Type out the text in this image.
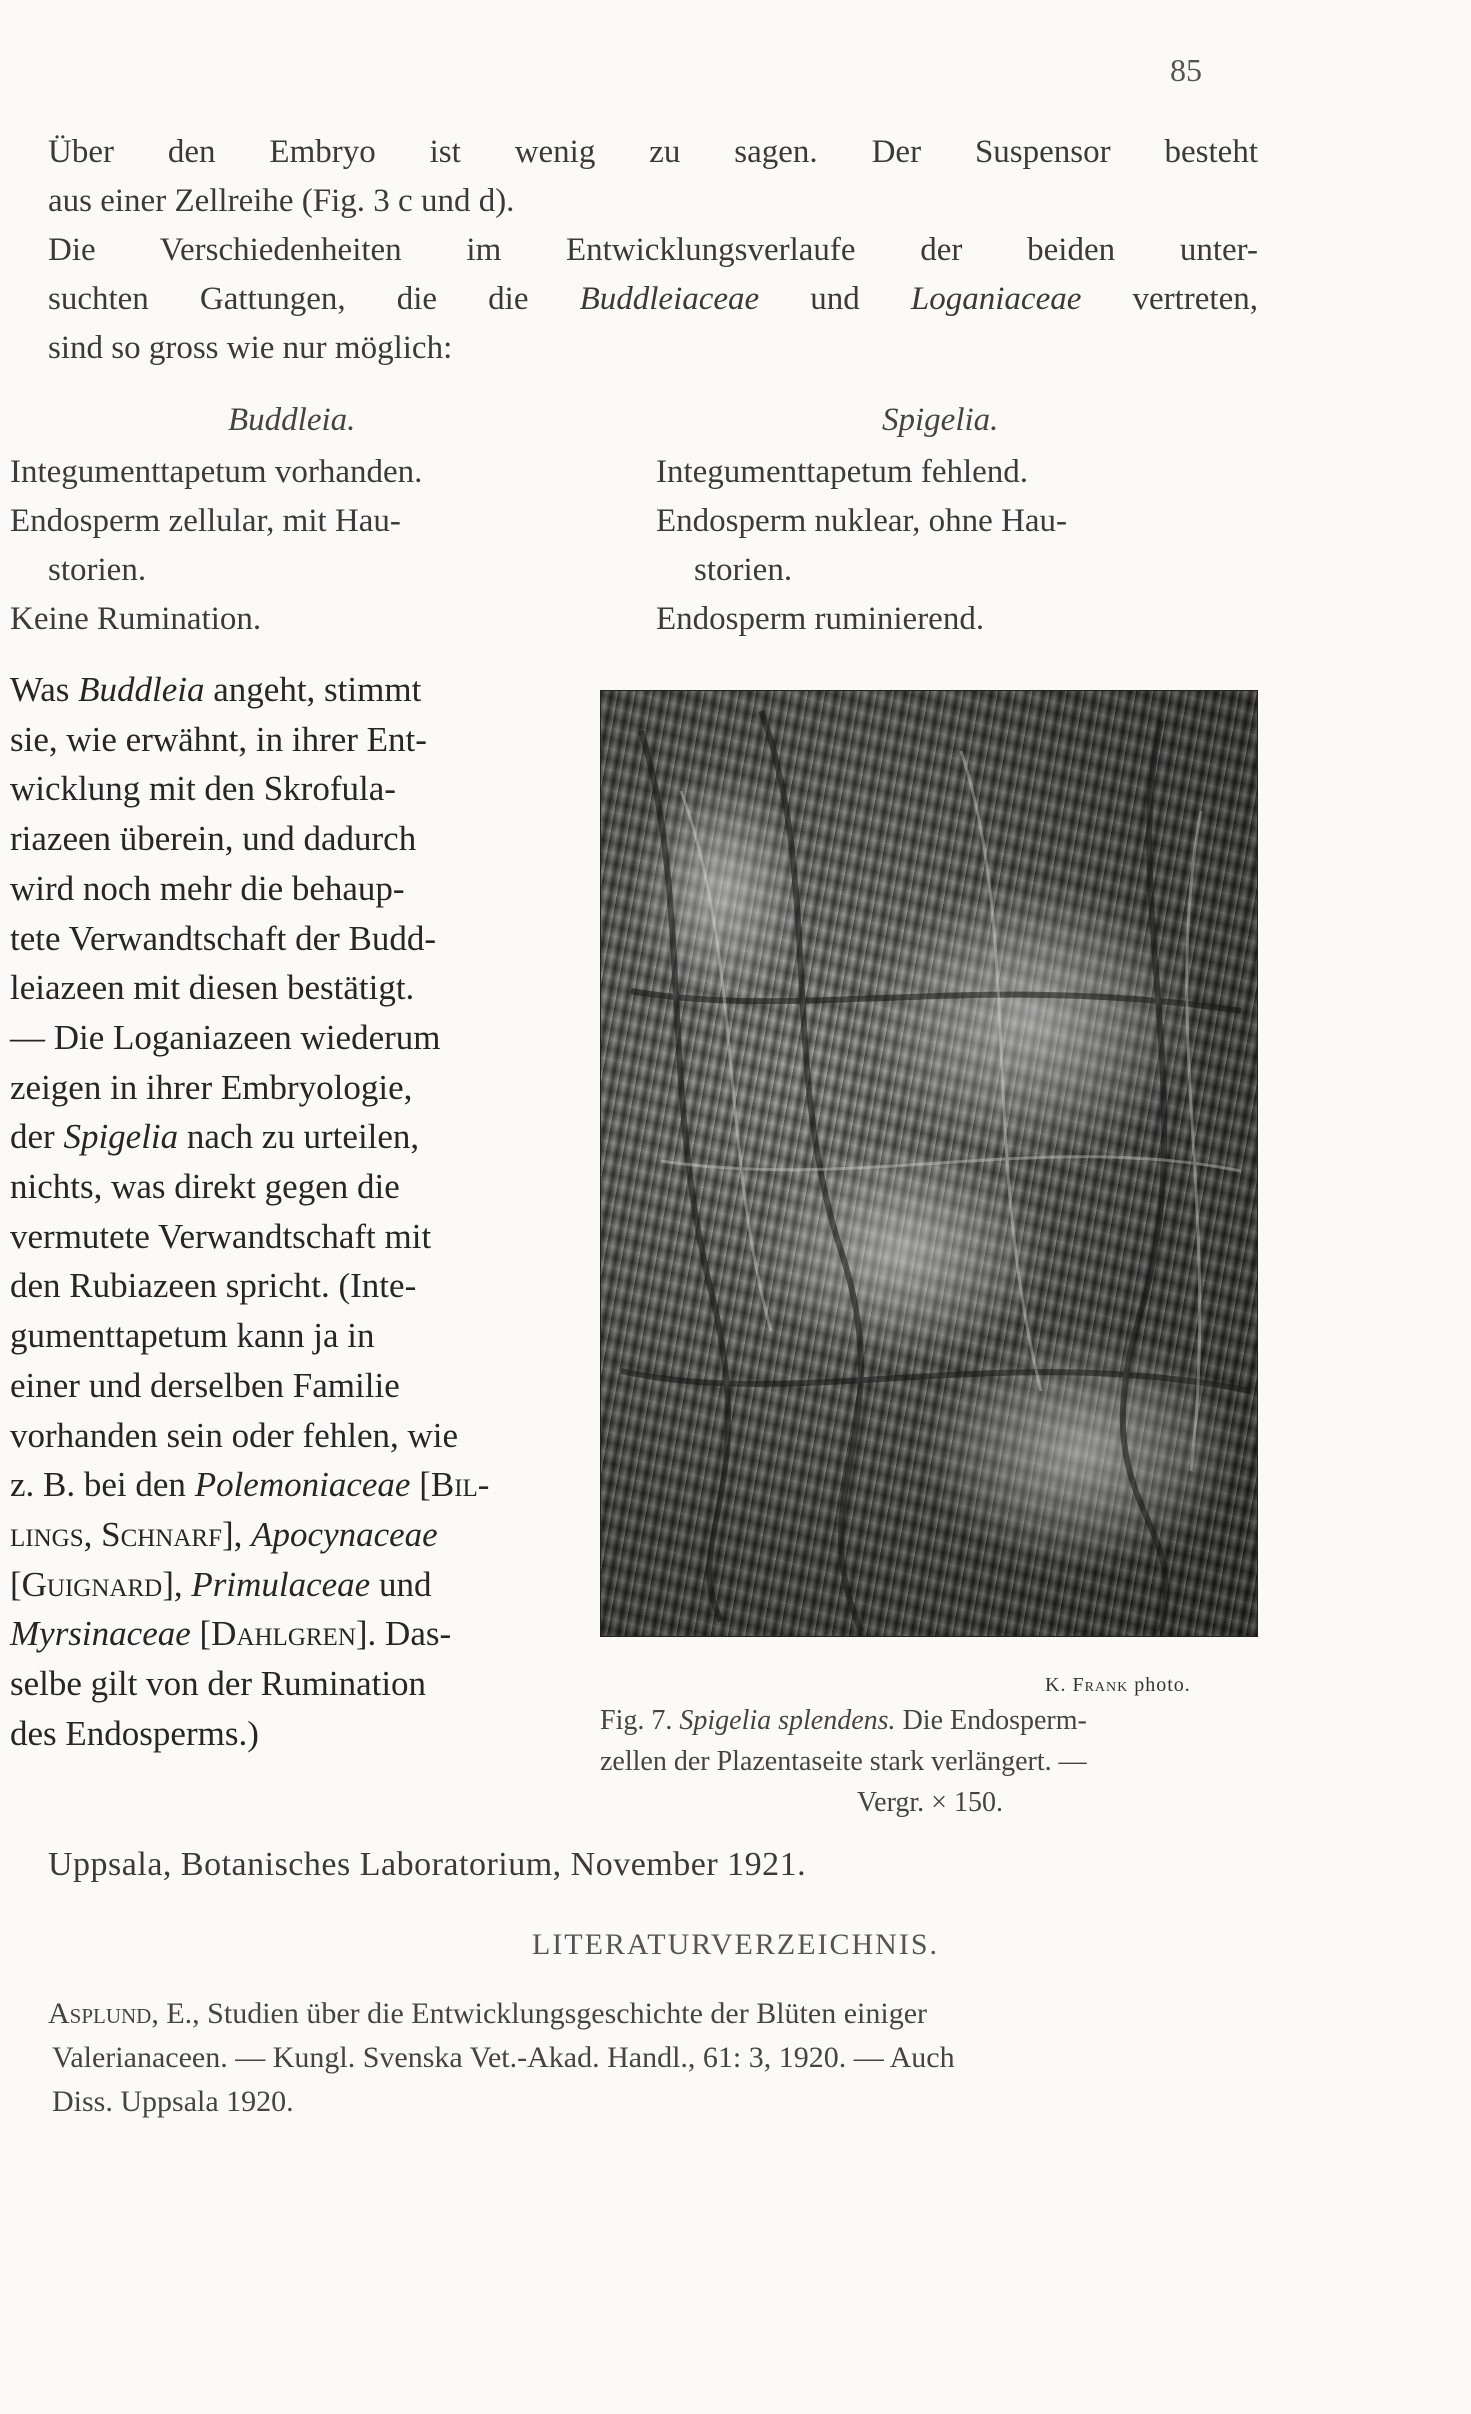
85
Über den Embryo ist wenig zu sagen. Der Suspensor besteht
aus einer Zellreihe (Fig. 3 c und d).
Die Verschiedenheiten im Entwicklungsverlaufe der beiden unter-
suchten Gattungen, die die Buddleiaceae und Loganiaceae vertreten,
sind so gross wie nur möglich:
Buddleia.	Spigelia.
Integumenttapetum vorhanden.
Endosperm zellular, mit Hau-
storien.
Keine Rumination.
Integumenttapetum fehlend.
Endosperm nuklear, ohne Hau-
storien.
Endosperm ruminierend.
Was Buddleia angeht, stimmt
sie, wie erwähnt, in ihrer Ent-
wicklung mit den Skrofula-
riazeen überein, und dadurch
wird noch mehr die behaup-
tete Verwandtschaft der Budd-
leiazeen mit diesen bestätigt.
— Die Loganiazeen wiederum
zeigen in ihrer Embryologie,
der Spigelia nach zu urteilen,
nichts, was direkt gegen die
vermutete Verwandtschaft mit
den Rubiazeen spricht. (Inte-
gumenttapetum kann ja in
einer und derselben Familie
vorhanden sein oder fehlen, wie
z. B. bei den Polemoniaceae [Bil-
lings, Schnarf], Apocynaceae
[Guignard], Primulaceae und
Myrsinaceae [Dahlgren]. Das-
selbe gilt von der Rumination
des Endosperms.)
K. Frank photo.
Fig. 7. Spigelia splendens. Die Endosperm-
zellen der Plazentaseite stark verlängert. —
Vergr. × 150.
Uppsala, Botanisches Laboratorium, November 1921.
LITERATURVERZEICHNIS.
Asplund, E., Studien über die Entwicklungsgeschichte der Blüten einiger
Valerianaceen. — Kungl. Svenska Vet.-Akad. Handl., 61: 3, 1920. — Auch
Diss. Uppsala 1920.
